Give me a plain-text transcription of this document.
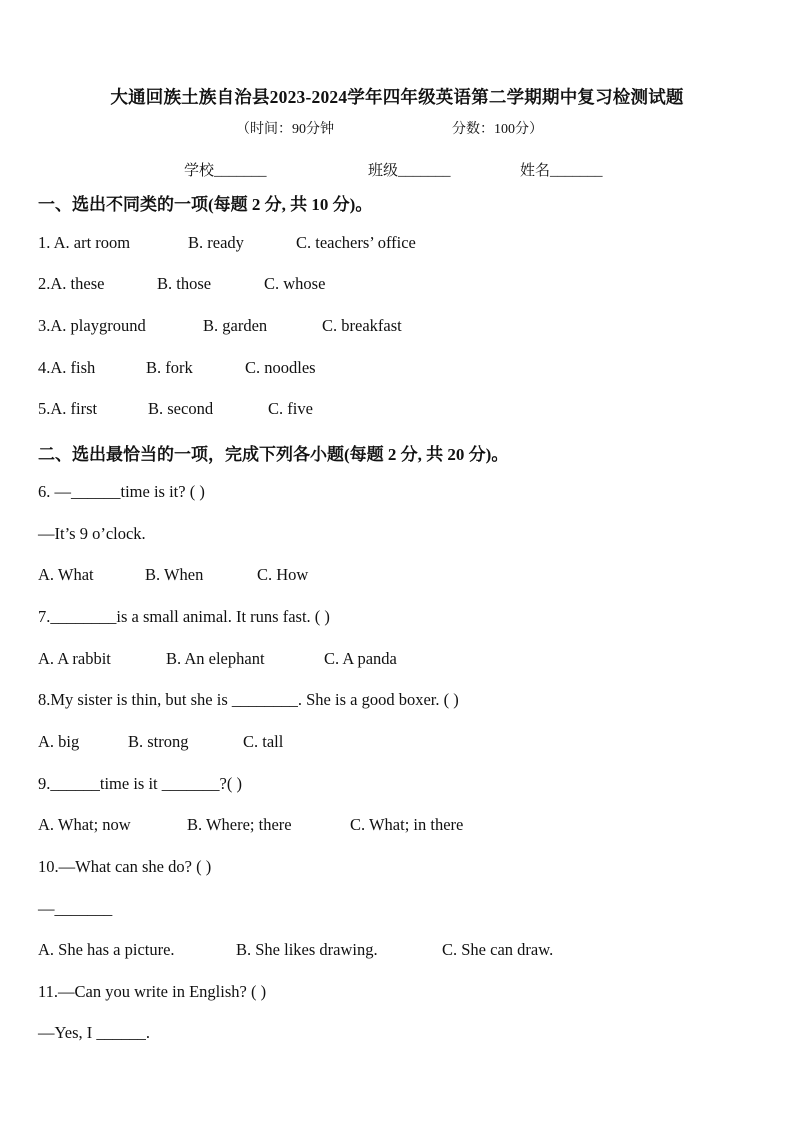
大通回族土族自治县2023-2024学年四年级英语第二学期期中复习检测试题
（时间：90分钟	分数：100分）
学校_______	班级_______	姓名_______
一、选出不同类的一项(每题 2 分, 共 10 分)。
1. A. art room	B. ready	C. teachers’ office
2.A. these	B. those	C. whose
3.A. playground	B. garden	C. breakfast
4.A. fish	B. fork	C. noodles
5.A. first	B. second	C. five
二、选出最恰当的一项，完成下列各小题(每题 2 分, 共 20 分)。
6. —______time is it? ( )
—It’s 9 o’clock.
A. What	B. When	C. How
7.________is a small animal. It runs fast. ( )
A. A rabbit	B. An elephant	C. A panda
8.My sister is thin, but she is ________. She is a good boxer. ( )
A. big	B. strong	C. tall
9.______time is it _______?( )
A. What; now	B. Where; there	C. What; in there
10.—What can she do? ( )
—_______
A. She has a picture.	B. She likes drawing.	C. She can draw.
11.—Can you write in English? ( )
—Yes, I ______.
